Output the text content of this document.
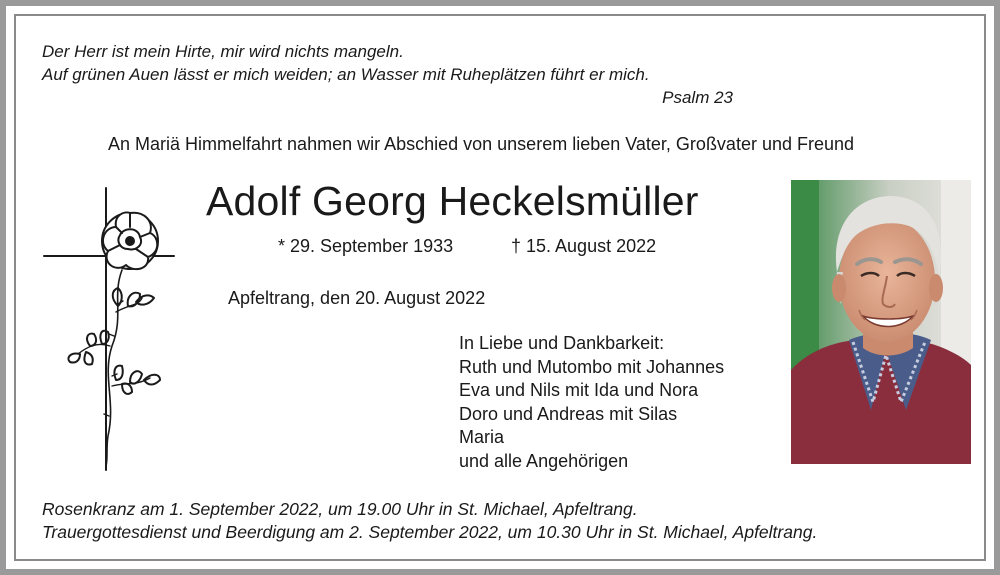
Der Herr ist mein Hirte, mir wird nichts mangeln.
Auf grünen Auen lässt er mich weiden; an Wasser mit Ruheplätzen führt er mich.
Psalm 23
An Mariä Himmelfahrt nahmen wir Abschied von unserem lieben Vater, Großvater und Freund
Adolf Georg Heckelsmüller
* 29. September 1933	† 15. August 2022
Apfeltrang, den 20. August 2022
In Liebe und Dankbarkeit:
Ruth und Mutombo mit Johannes
Eva und Nils mit Ida und Nora
Doro und Andreas mit Silas
Maria
und alle Angehörigen
Rosenkranz am 1. September 2022, um 19.00 Uhr in St. Michael, Apfeltrang.
Trauergottesdienst und Beerdigung am 2. September 2022, um 10.30 Uhr in St. Michael, Apfeltrang.
